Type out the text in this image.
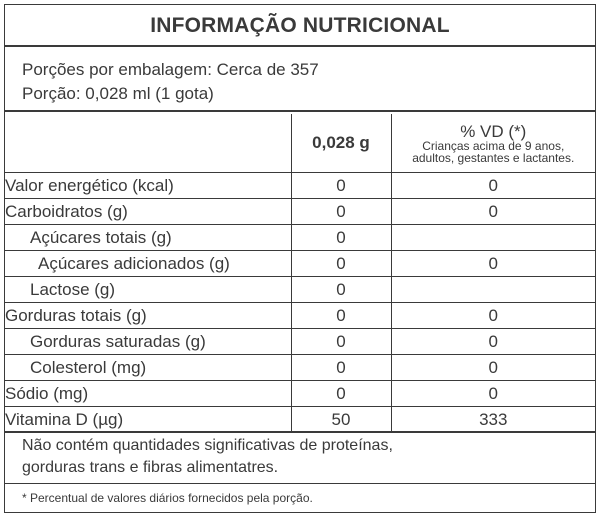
INFORMAÇÃO NUTRICIONAL
Porções por embalagem: Cerca de 357
Porção: 0,028 ml (1 gota)
	0,028 g	% VD (*)
Crianças acima de 9 anos,
adultos, gestantes e lactantes.

Valor energético (kcal)	0	0
Carboidratos (g)	0	0
Açúcares totais (g)	0	
Açúcares adicionados (g)	0	0
Lactose (g)	0	
Gorduras totais (g)	0	0
Gorduras saturadas (g)	0	0
Colesterol (mg)	0	0
Sódio (mg)	0	0
Vitamina D (µg)	50	333
Não contém quantidades significativas de proteínas,
gorduras trans e fibras alimentatres.
* Percentual de valores diários fornecidos pela porção.
